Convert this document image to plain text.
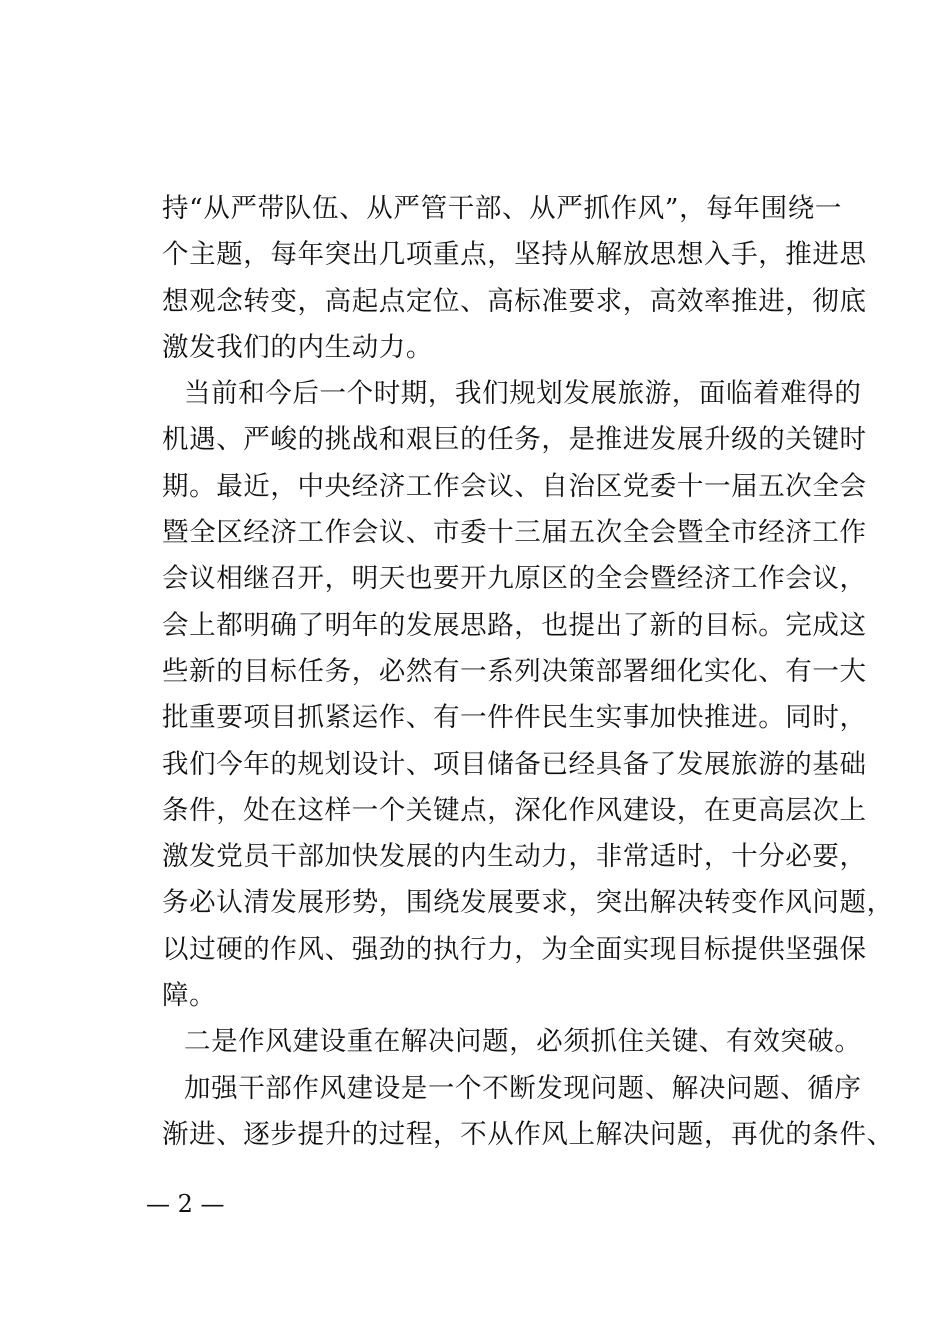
持“从严带队伍、从严管干部、从严抓作风”，每年围绕一
个主题，每年突出几项重点，坚持从解放思想入手，推进思
想观念转变，高起点定位、高标准要求，高效率推进，彻底
激发我们的内生动力。
当前和今后一个时期，我们规划发展旅游，面临着难得的
机遇、严峻的挑战和艰巨的任务，是推进发展升级的关键时
期。最近，中央经济工作会议、自治区党委十一届五次全会
暨全区经济工作会议、市委十三届五次全会暨全市经济工作
会议相继召开，明天也要开九原区的全会暨经济工作会议，
会上都明确了明年的发展思路，也提出了新的目标。完成这
些新的目标任务，必然有一系列决策部署细化实化、有一大
批重要项目抓紧运作、有一件件民生实事加快推进。同时，
我们今年的规划设计、项目储备已经具备了发展旅游的基础
条件，处在这样一个关键点，深化作风建设，在更高层次上
激发党员干部加快发展的内生动力，非常适时，十分必要，
务必认清发展形势，围绕发展要求，突出解决转变作风问题，
以过硬的作风、强劲的执行力，为全面实现目标提供坚强保
障。
二是作风建设重在解决问题，必须抓住关键、有效突破。
加强干部作风建设是一个不断发现问题、解决问题、循序
渐进、逐步提升的过程，不从作风上解决问题，再优的条件、
— 2 —
